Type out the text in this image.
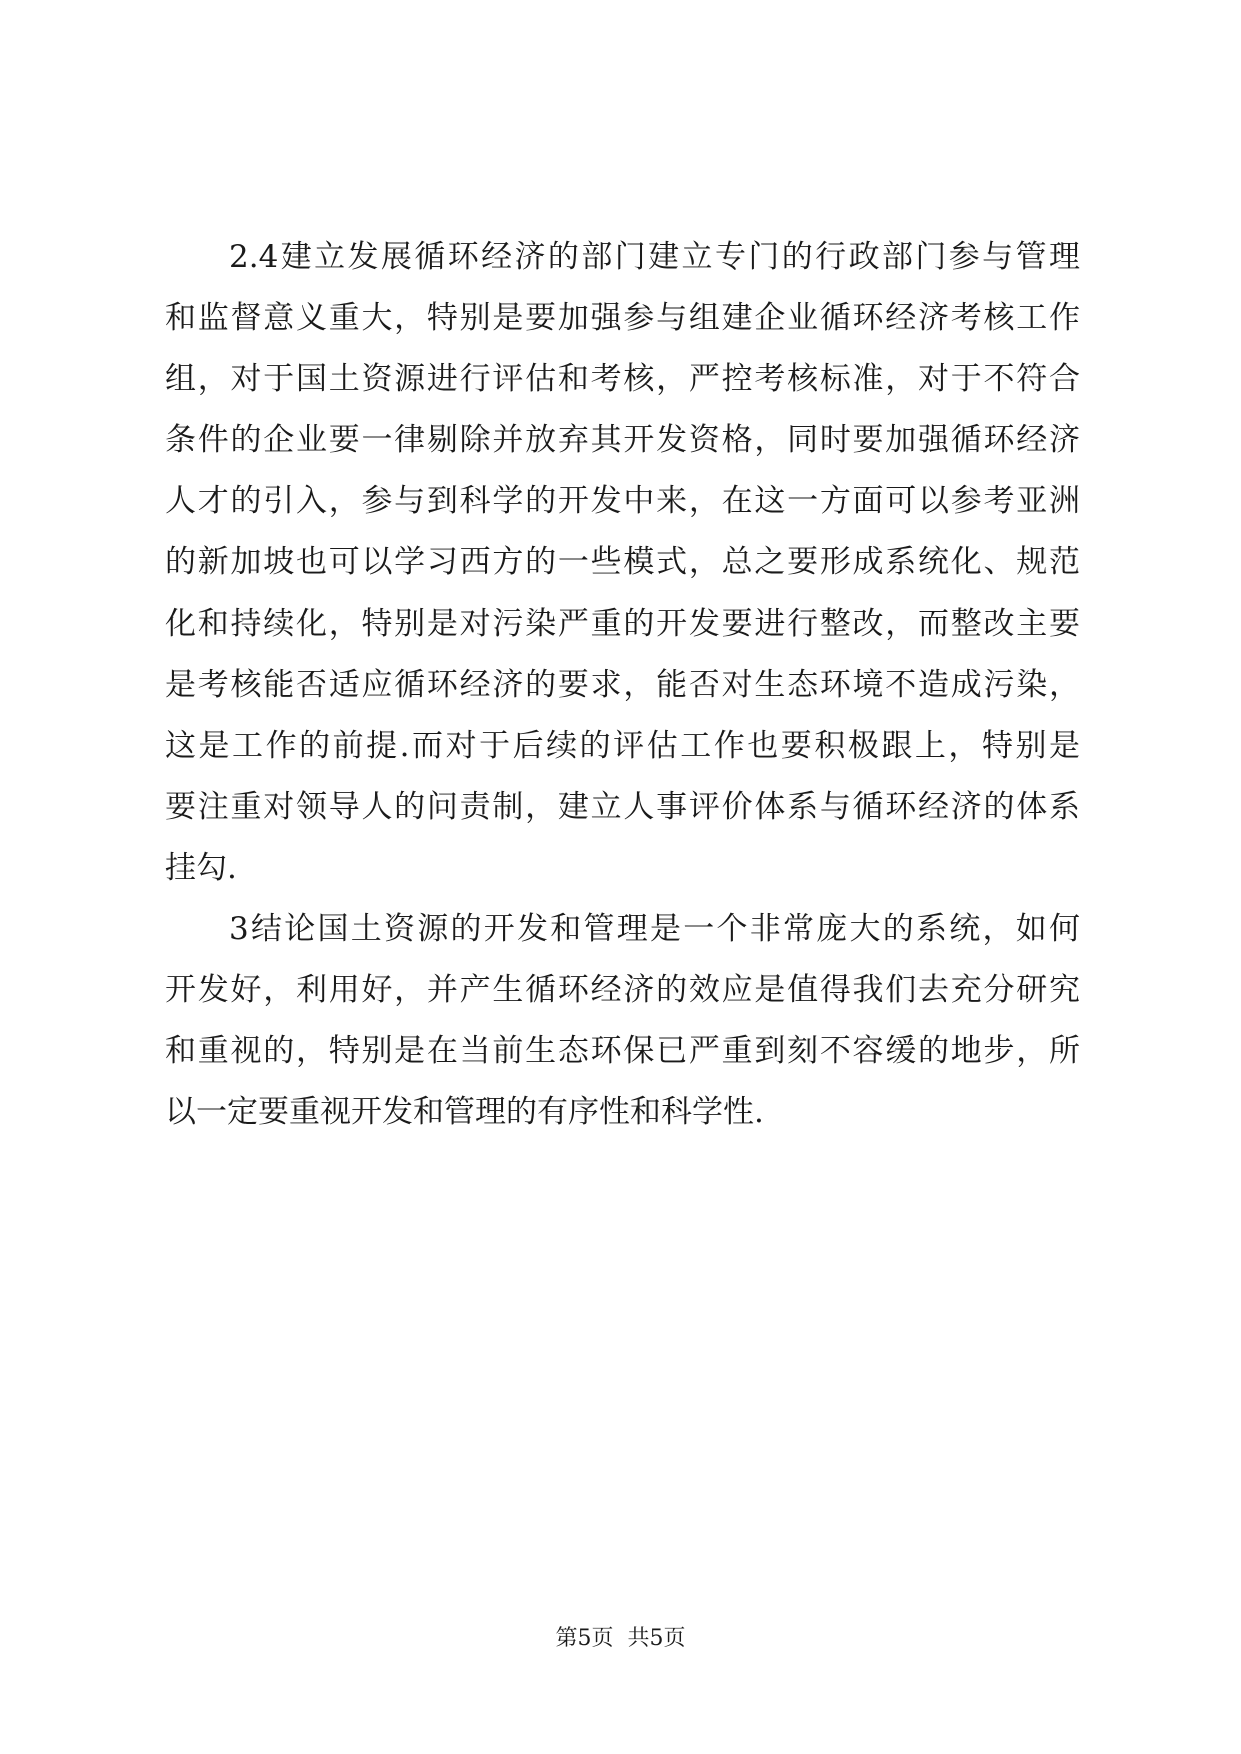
2.4建立发展循环经济的部门建立专门的行政部门参与管理
和监督意义重大，特别是要加强参与组建企业循环经济考核工作
组，对于国土资源进行评估和考核，严控考核标准，对于不符合
条件的企业要一律剔除并放弃其开发资格，同时要加强循环经济
人才的引入，参与到科学的开发中来，在这一方面可以参考亚洲
的新加坡也可以学习西方的一些模式，总之要形成系统化、规范
化和持续化，特别是对污染严重的开发要进行整改，而整改主要
是考核能否适应循环经济的要求，能否对生态环境不造成污染，
这是工作的前提.而对于后续的评估工作也要积极跟上，特别是
要注重对领导人的问责制，建立人事评价体系与循环经济的体系
挂勾.
3结论国土资源的开发和管理是一个非常庞大的系统，如何
开发好，利用好，并产生循环经济的效应是值得我们去充分研究
和重视的，特别是在当前生态环保已严重到刻不容缓的地步，所
以一定要重视开发和管理的有序性和科学性.
第5页 共5页
